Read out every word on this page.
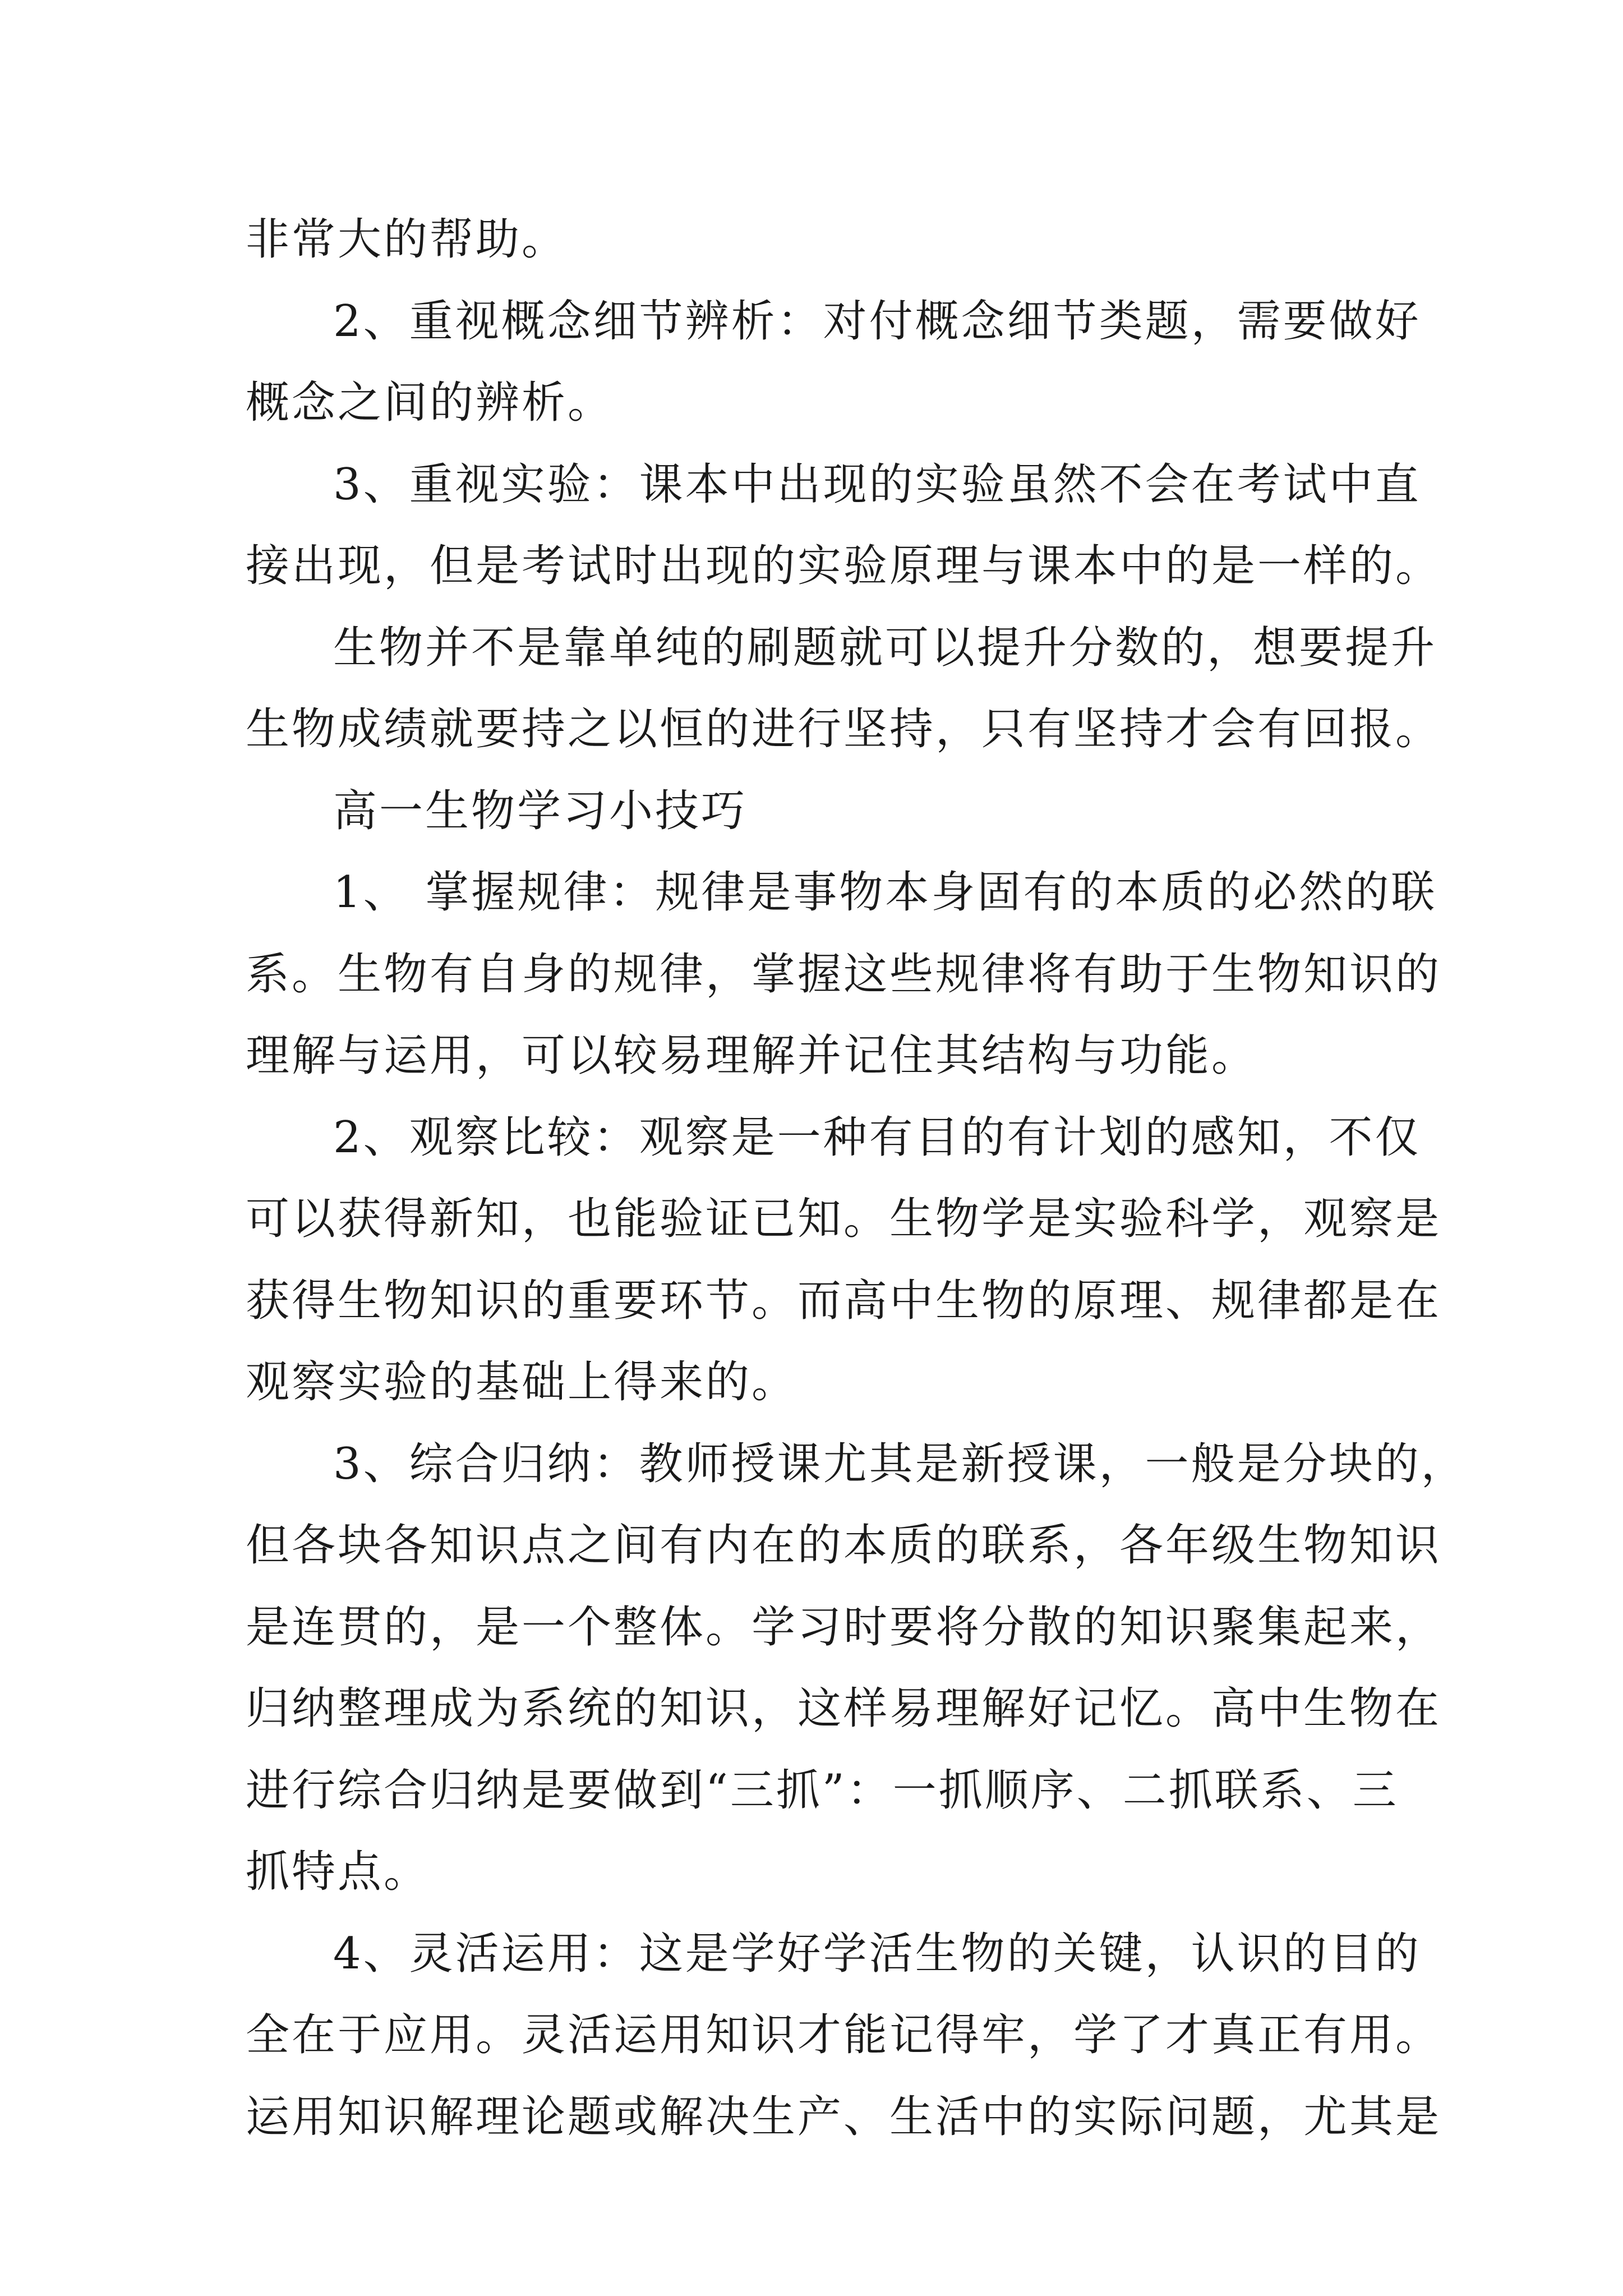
非常大的帮助。
2、重视概念细节辨析：对付概念细节类题，需要做好
概念之间的辨析。
3、重视实验：课本中出现的实验虽然不会在考试中直
接出现，但是考试时出现的实验原理与课本中的是一样的。
生物并不是靠单纯的刷题就可以提升分数的，想要提升
生物成绩就要持之以恒的进行坚持，只有坚持才会有回报。
高一生物学习小技巧
1、 掌握规律：规律是事物本身固有的本质的必然的联
系。生物有自身的规律，掌握这些规律将有助于生物知识的
理解与运用，可以较易理解并记住其结构与功能。
2、观察比较：观察是一种有目的有计划的感知，不仅
可以获得新知，也能验证已知。生物学是实验科学，观察是
获得生物知识的重要环节。而高中生物的原理、规律都是在
观察实验的基础上得来的。
3、综合归纳：教师授课尤其是新授课，一般是分块的，
但各块各知识点之间有内在的本质的联系，各年级生物知识
是连贯的，是一个整体。学习时要将分散的知识聚集起来，
归纳整理成为系统的知识，这样易理解好记忆。高中生物在
进行综合归纳是要做到“三抓”：一抓顺序、二抓联系、三
抓特点。
4、灵活运用：这是学好学活生物的关键，认识的目的
全在于应用。灵活运用知识才能记得牢，学了才真正有用。
运用知识解理论题或解决生产、生活中的实际问题，尤其是
